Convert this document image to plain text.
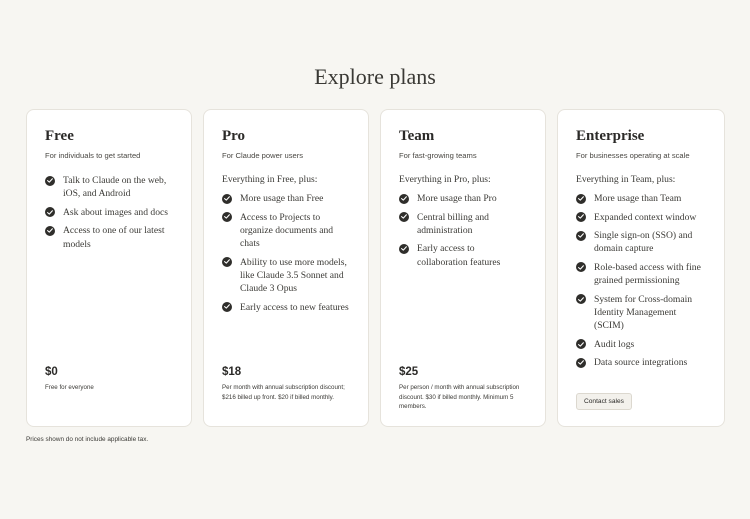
Explore plans
Free

For individuals to get started

Talk to Claude on the web, iOS, and Android
Ask about images and docs
Access to one of our latest models

$0

Free for everyone

Pro

For Claude power users

Everything in Free, plus:

More usage than Free
Access to Projects to organize documents and chats
Ability to use more models, like Claude 3.5 Sonnet and Claude 3 Opus
Early access to new features

$18

Per month with annual subscription discount; $216 billed up front. $20 if billed monthly.

Team

For fast-growing teams

Everything in Pro, plus:

More usage than Pro
Central billing and administration
Early access to collaboration features

$25

Per person / month with annual subscription discount. $30 if billed monthly. Minimum 5 members.

Enterprise

For businesses operating at scale

Everything in Team, plus:

More usage than Team
Expanded context window
Single sign-on (SSO) and domain capture
Role-based access with fine grained permissioning
System for Cross-domain Identity Management (SCIM)
Audit logs
Data source integrations
Contact sales

Prices shown do not include applicable tax.
